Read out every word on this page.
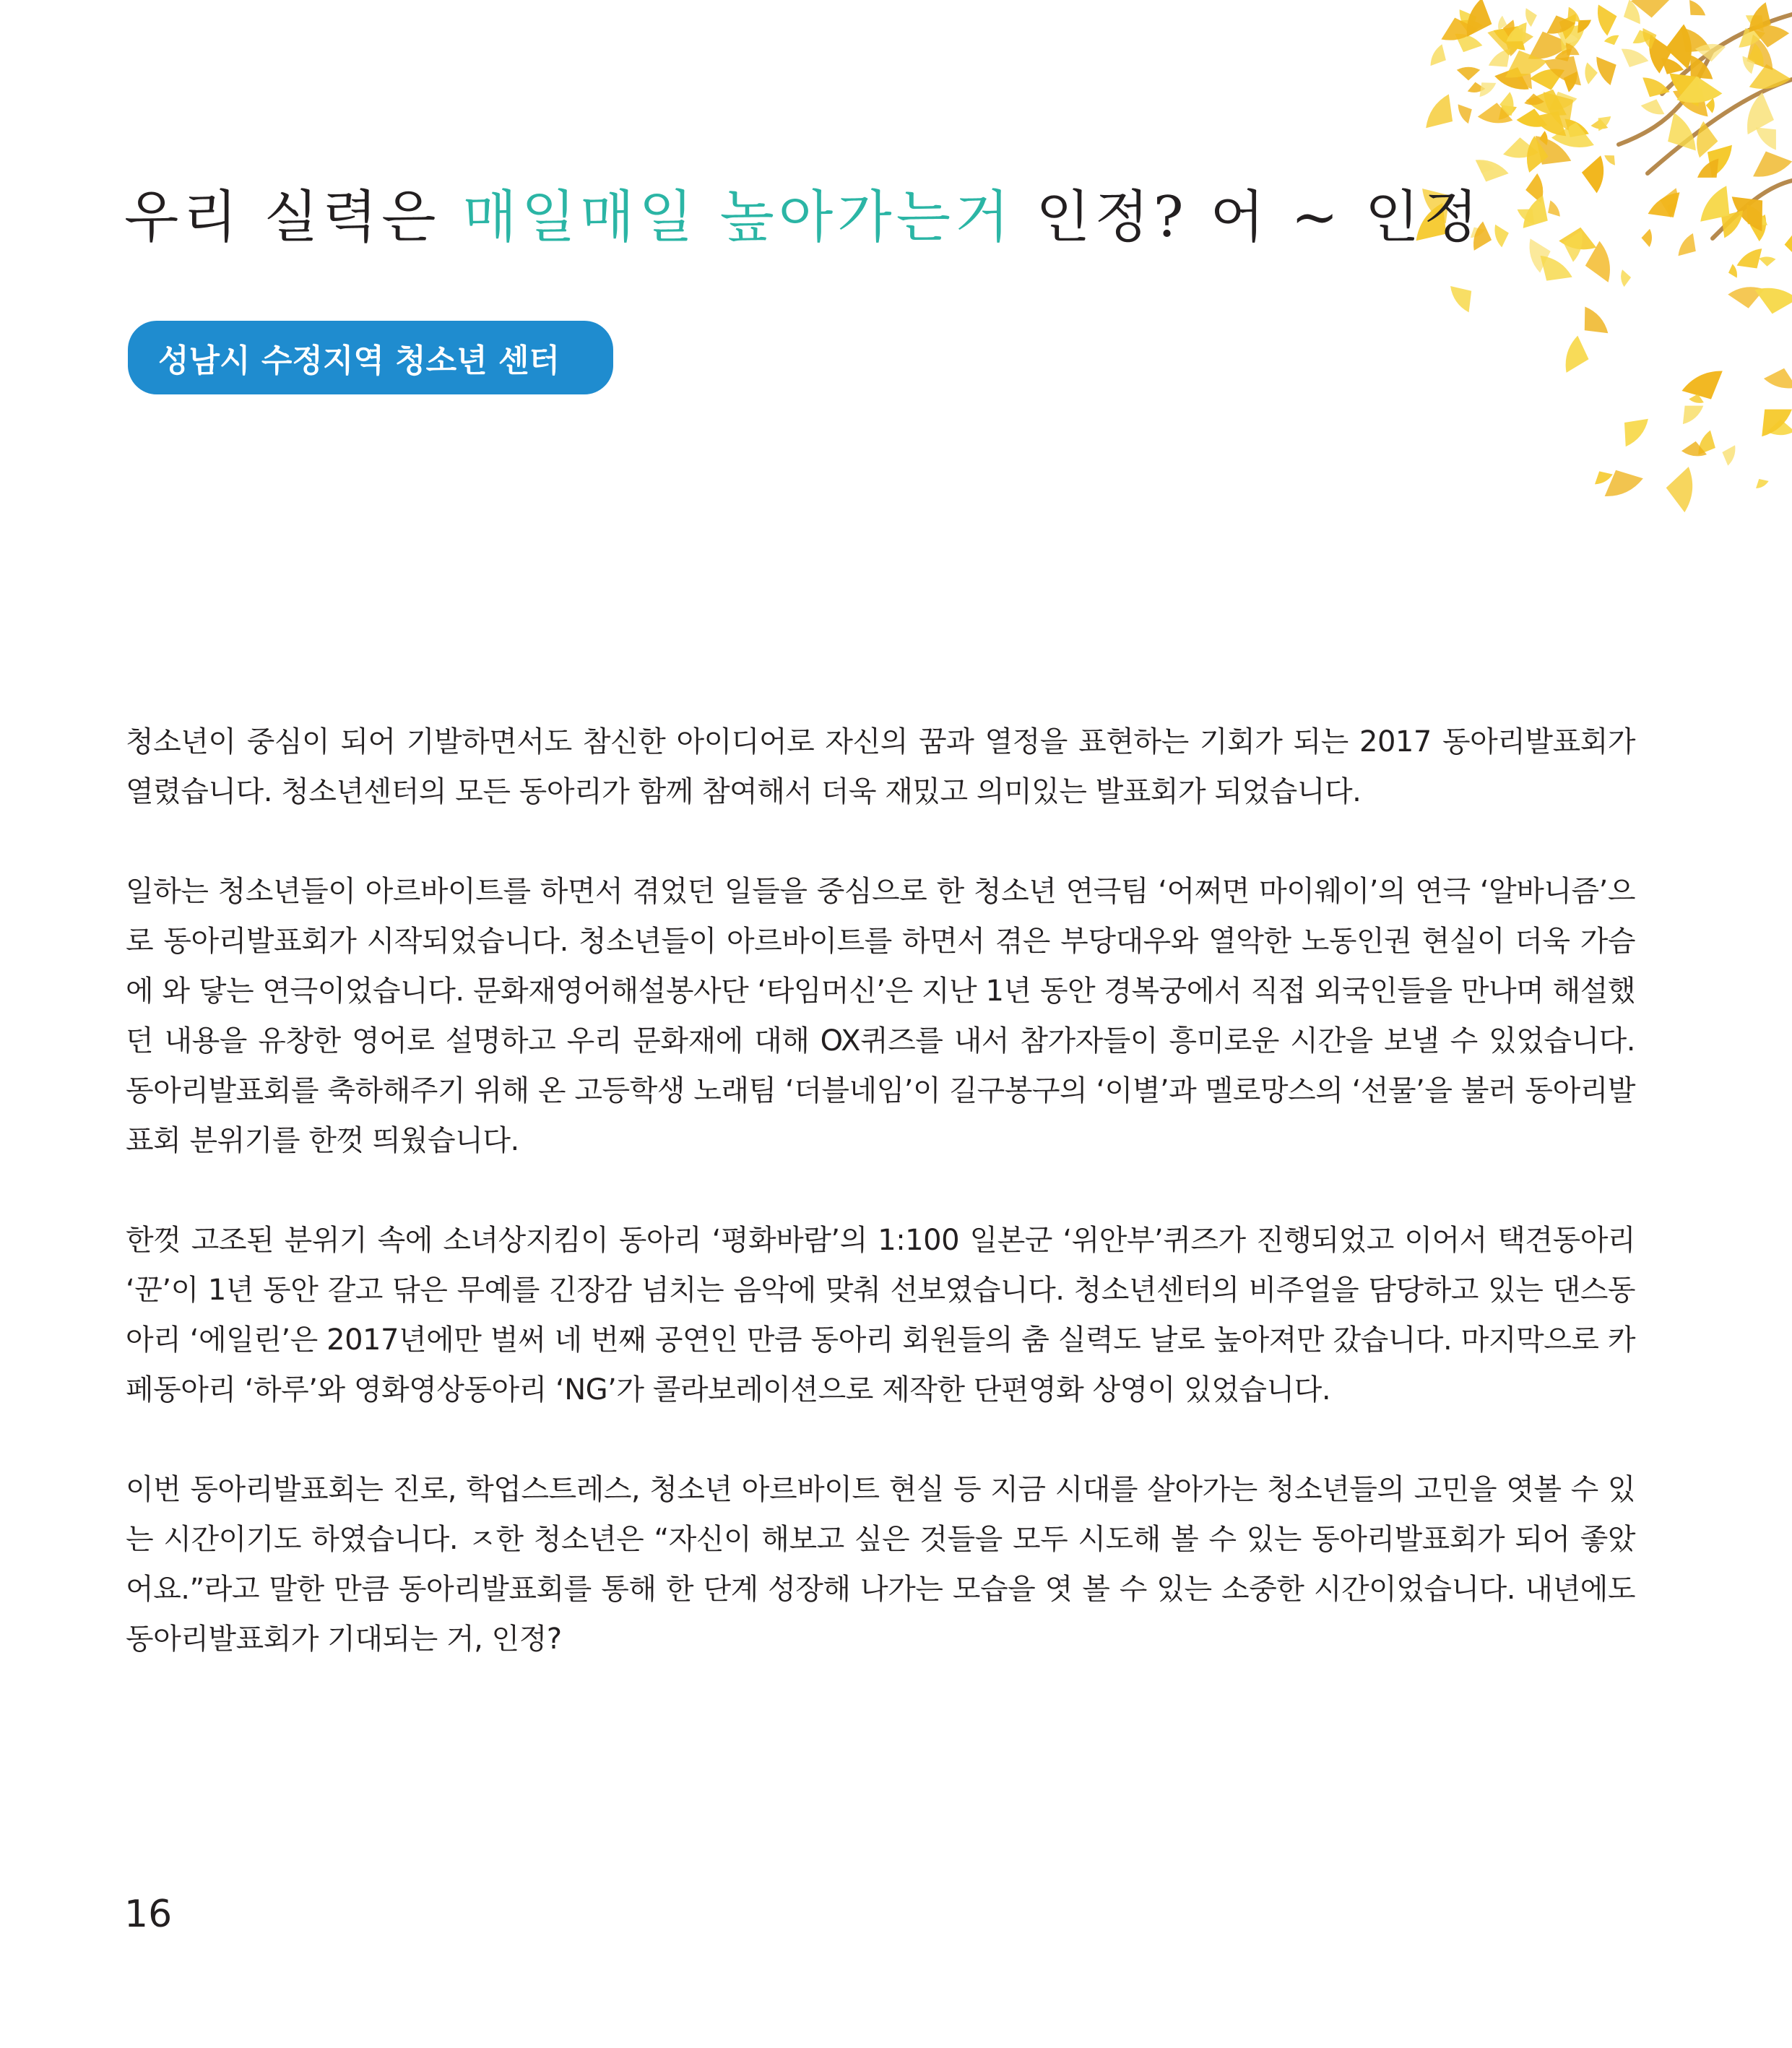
우리 실력은 매일매일 높아가는거 인정? 어 ~ 인정
성남시 수정지역 청소년 센터

청소년이 중심이 되어 기발하면서도 참신한 아이디어로 자신의 꿈과 열정을 표현하는 기회가 되는 2017 동아리발표회가 열렸습니다. 청소년센터의 모든 동아리가 함께 참여해서 더욱 재밌고 의미있는 발표회가 되었습니다.

일하는 청소년들이 아르바이트를 하면서 겪었던 일들을 중심으로 한 청소년 연극팀 ‘어쩌면 마이웨이’의 연극 ‘알바니즘’으로 동아리발표회가 시작되었습니다. 청소년들이 아르바이트를 하면서 겪은 부당대우와 열악한 노동인권 현실이 더욱 가슴에 와 닿는 연극이었습니다. 문화재영어해설봉사단 ‘타임머신’은 지난 1년 동안 경복궁에서 직접 외국인들을 만나며 해설했던 내용을 유창한 영어로 설명하고 우리 문화재에 대해 OX퀴즈를 내서 참가자들이 흥미로운 시간을 보낼 수 있었습니다. 동아리발표회를 축하해주기 위해 온 고등학생 노래팀 ‘더블네임’이 길구봉구의 ‘이별’과 멜로망스의 ‘선물’을 불러 동아리발표회 분위기를 한껏 띄웠습니다.

한껏 고조된 분위기 속에 소녀상지킴이 동아리 ‘평화바람’의 1:100 일본군 ‘위안부’퀴즈가 진행되었고 이어서 택견동아리 ‘꾼’이 1년 동안 갈고 닦은 무예를 긴장감 넘치는 음악에 맞춰 선보였습니다. 청소년센터의 비주얼을 담당하고 있는 댄스동아리 ‘에일린’은 2017년에만 벌써 네 번째 공연인 만큼 동아리 회원들의 춤 실력도 날로 높아져만 갔습니다. 마지막으로 카페동아리 ‘하루’와 영화영상동아리 ‘NG’가 콜라보레이션으로 제작한 단편영화 상영이 있었습니다.

이번 동아리발표회는 진로, 학업스트레스, 청소년 아르바이트 현실 등 지금 시대를 살아가는 청소년들의 고민을 엿볼 수 있는 시간이기도 하였습니다. ㅈ한 청소년은 “자신이 해보고 싶은 것들을 모두 시도해 볼 수 있는 동아리발표회가 되어 좋았어요.”라고 말한 만큼 동아리발표회를 통해 한 단계 성장해 나가는 모습을 엿 볼 수 있는 소중한 시간이었습니다. 내년에도 동아리발표회가 기대되는 거, 인정?

16
